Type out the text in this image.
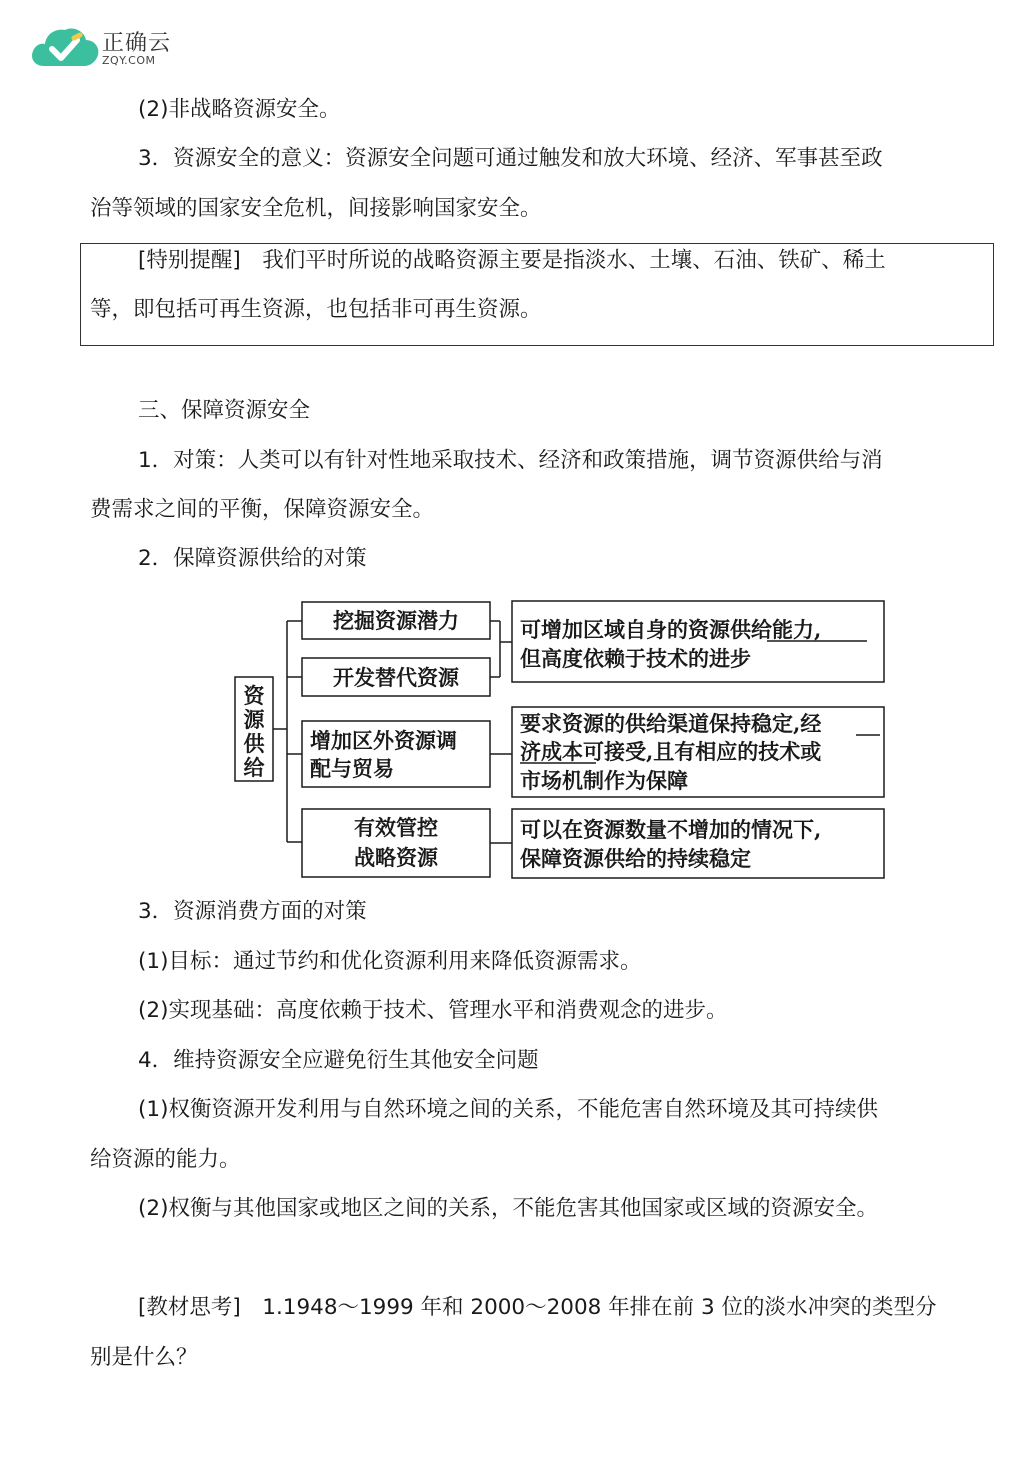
正确云
ZQY.COM
(2)非战略资源安全。
3．资源安全的意义：资源安全问题可通过触发和放大环境、经济、军事甚至政
治等领域的国家安全危机，间接影响国家安全。
[特别提醒]　我们平时所说的战略资源主要是指淡水、土壤、石油、铁矿、稀土
等，即包括可再生资源，也包括非可再生资源。
三、保障资源安全
1．对策：人类可以有针对性地采取技术、经济和政策措施，调节资源供给与消
费需求之间的平衡，保障资源安全。
2．保障资源供给的对策
资
源
供
给
挖掘资源潜力
开发替代资源
增加区外资源调
配与贸易
有效管控
战略资源
可增加区域自身的资源供给能力,
但高度依赖于技术的进步
要求资源的供给渠道保持稳定,经
济成本可接受,且有相应的技术或
市场机制作为保障
可以在资源数量不增加的情况下,
保障资源供给的持续稳定
3．资源消费方面的对策
(1)目标：通过节约和优化资源利用来降低资源需求。
(2)实现基础：高度依赖于技术、管理水平和消费观念的进步。
4．维持资源安全应避免衍生其他安全问题
(1)权衡资源开发利用与自然环境之间的关系，不能危害自然环境及其可持续供
给资源的能力。
(2)权衡与其他国家或地区之间的关系，不能危害其他国家或区域的资源安全。
[教材思考]　1.1948～1999 年和 2000～2008 年排在前 3 位的淡水冲突的类型分
别是什么？
